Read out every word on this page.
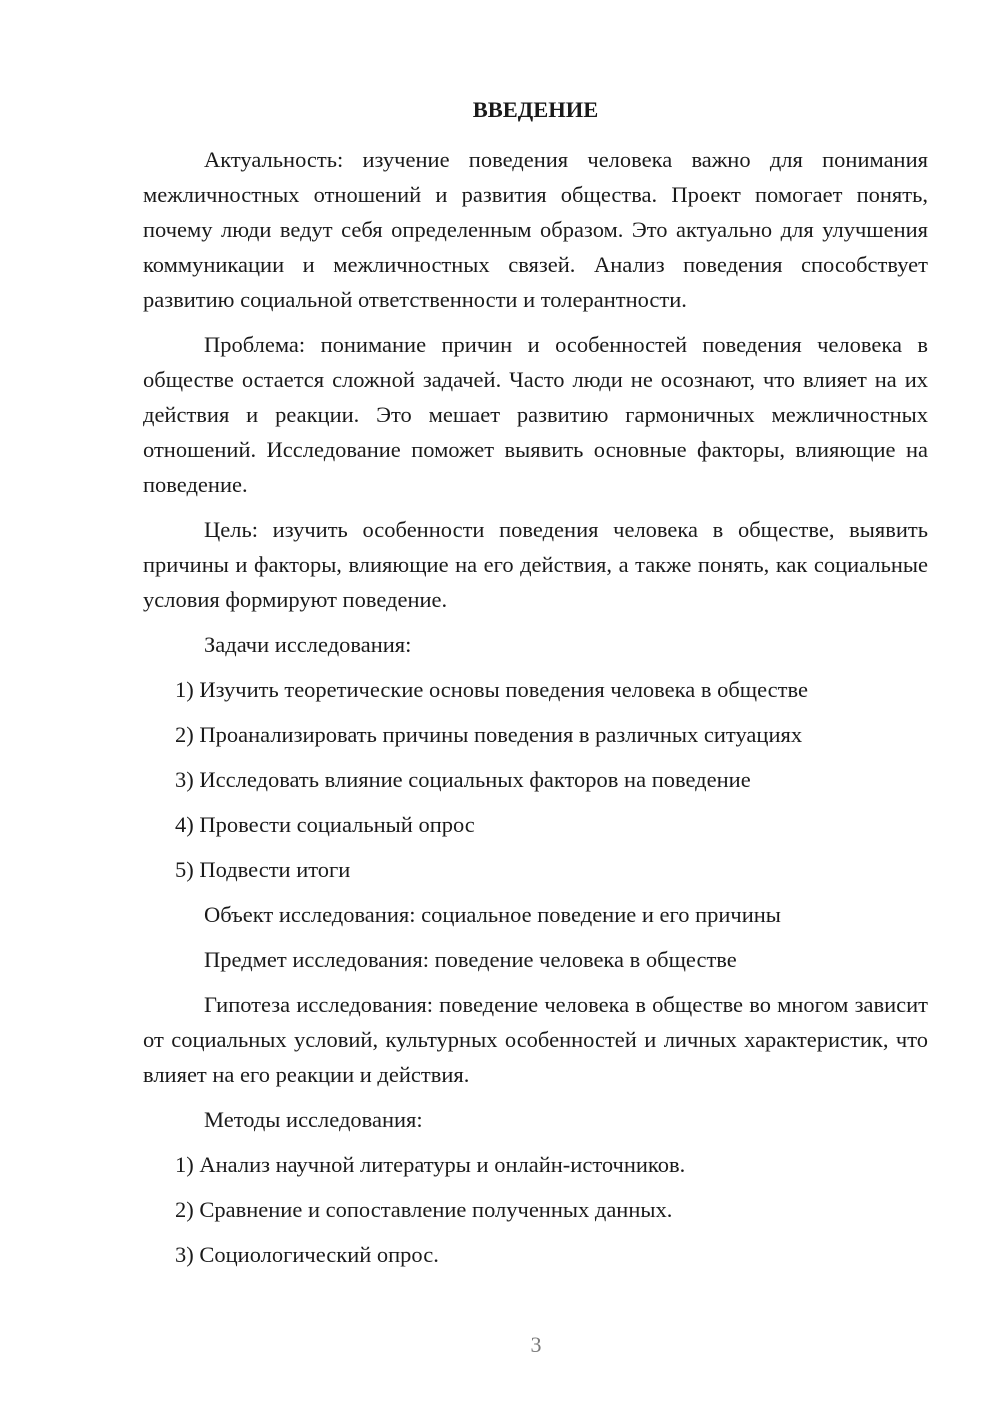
ВВЕДЕНИЕ

Актуальность: изучение поведения человека важно для понимания межличностных отношений и развития общества. Проект помогает понять, почему люди ведут себя определенным образом. Это актуально для улучшения коммуникации и межличностных связей. Анализ поведения способствует развитию социальной ответственности и толерантности.

Проблема: понимание причин и особенностей поведения человека в обществе остается сложной задачей. Часто люди не осознают, что влияет на их действия и реакции. Это мешает развитию гармоничных межличностных отношений. Исследование поможет выявить основные факторы, влияющие на поведение.

Цель: изучить особенности поведения человека в обществе, выявить причины и факторы, влияющие на его действия, а также понять, как социальные условия формируют поведение.

Задачи исследования:

1) Изучить теоретические основы поведения человека в обществе

2) Проанализировать причины поведения в различных ситуациях

3) Исследовать влияние социальных факторов на поведение

4) Провести социальный опрос

5) Подвести итоги

Объект исследования: социальное поведение и его причины

Предмет исследования: поведение человека в обществе

Гипотеза исследования: поведение человека в обществе во многом зависит от социальных условий, культурных особенностей и личных характеристик, что влияет на его реакции и действия.

Методы исследования:

1) Анализ научной литературы и онлайн-источников.

2) Сравнение и сопоставление полученных данных.

3) Социологический опрос.

3
